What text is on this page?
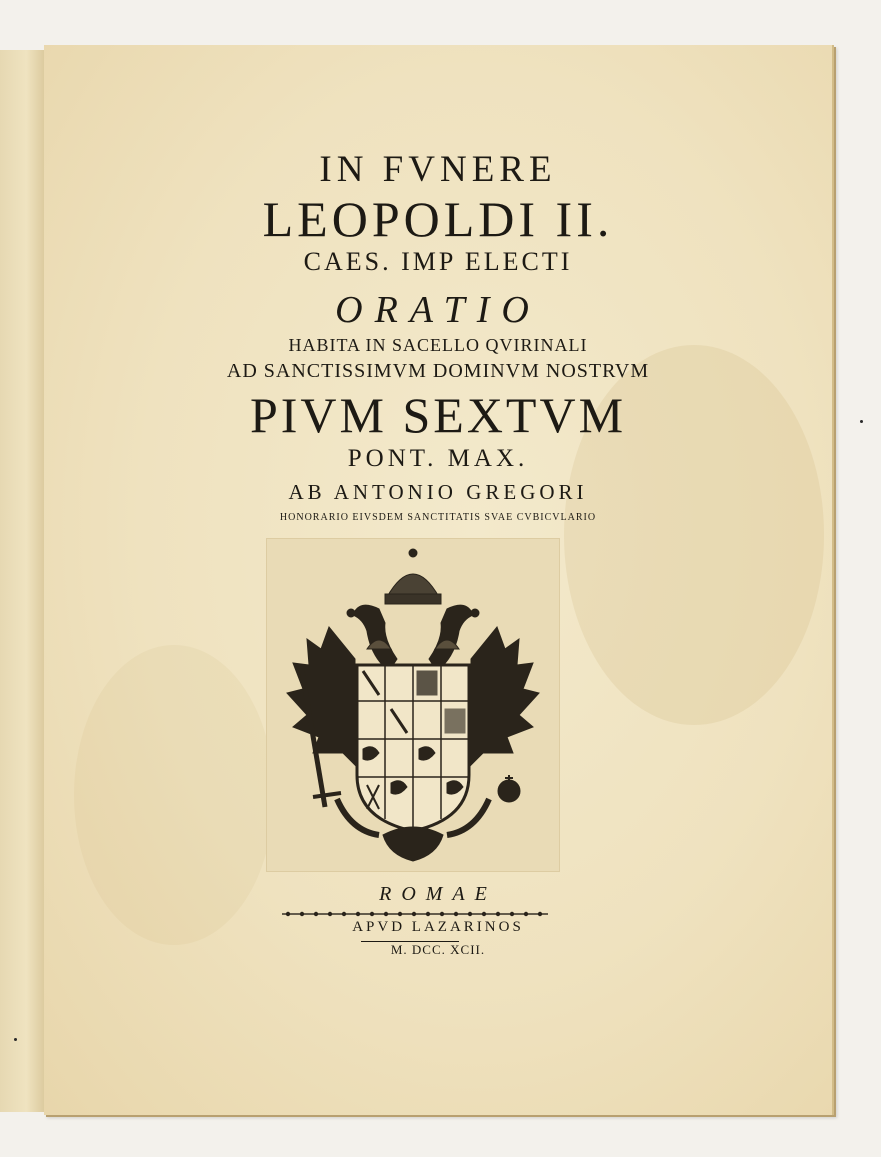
IN FVNERE
LEOPOLDI II.
CAES. IMP ELECTI
ORATIO
HABITA IN SACELLO QVIRINALI
AD SANCTISSIMVM DOMINVM NOSTRVM
PIVM SEXTVM
PONT. MAX.
AB ANTONIO GREGORI
HONORARIO EIVSDEM SANCTITATIS SVAE CVBICVLARIO
ROMAE
APVD LAZARINOS
M. DCC. XCII.
